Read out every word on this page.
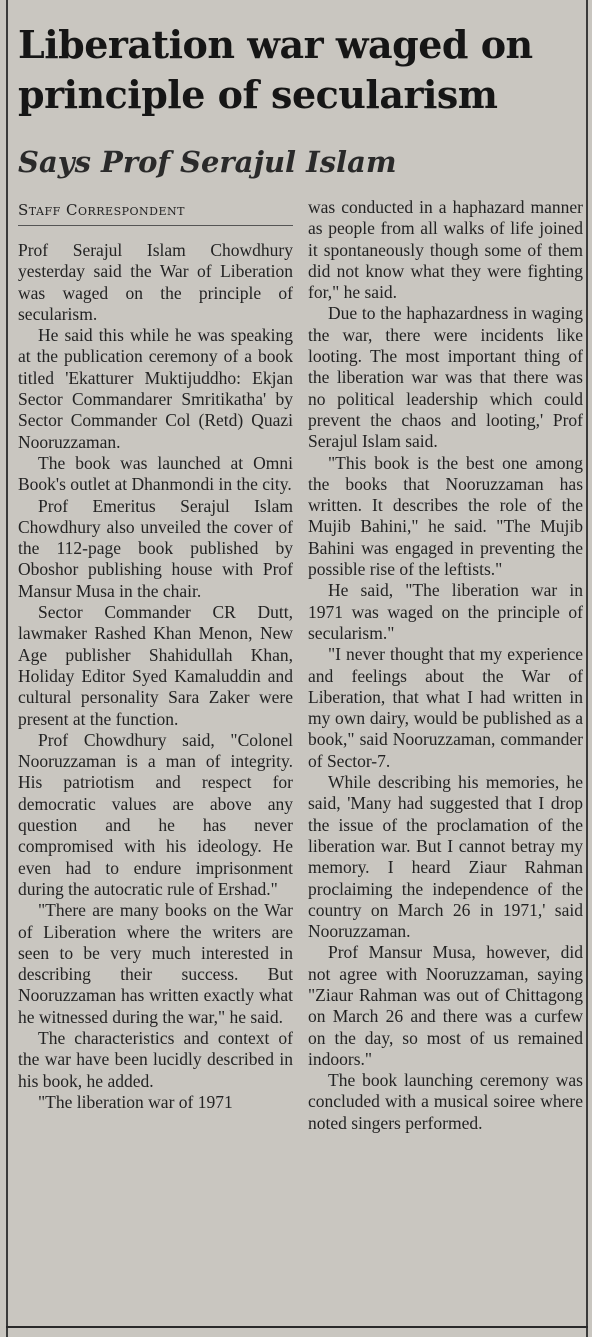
Liberation war waged on
principle of secularism
Says Prof Serajul Islam
Staff Correspondent

Prof Serajul Islam Chowdhury yesterday said the War of Liberation was waged on the principle of secularism.

He said this while he was speaking at the publication ceremony of a book titled 'Ekatturer Muktijuddho: Ekjan Sector Commandarer Smritikatha' by Sector Commander Col (Retd) Quazi Nooruzzaman.

The book was launched at Omni Book's outlet at Dhanmondi in the city.

Prof Emeritus Serajul Islam Chowdhury also unveiled the cover of the 112-page book published by Oboshor publishing house with Prof Mansur Musa in the chair.

Sector Commander CR Dutt, lawmaker Rashed Khan Menon, New Age publisher Shahidullah Khan, Holiday Editor Syed Kamaluddin and cultural personality Sara Zaker were present at the function.

Prof Chowdhury said, "Colonel Nooruzzaman is a man of integrity. His patriotism and respect for democratic values are above any question and he has never compromised with his ideology. He even had to endure imprisonment during the autocratic rule of Ershad."

"There are many books on the War of Liberation where the writers are seen to be very much interested in describing their success. But Nooruzzaman has written exactly what he witnessed during the war," he said.

The characteristics and context of the war have been lucidly described in his book, he added.

"The liberation war of 1971

was conducted in a haphazard manner as people from all walks of life joined it spontaneously though some of them did not know what they were fighting for," he said.

Due to the haphazardness in waging the war, there were incidents like looting. The most important thing of the liberation war was that there was no political leadership which could prevent the chaos and looting,' Prof Serajul Islam said.

"This book is the best one among the books that Nooruzzaman has written. It describes the role of the Mujib Bahini," he said. "The Mujib Bahini was engaged in preventing the possible rise of the leftists."

He said, "The liberation war in 1971 was waged on the principle of secularism."

"I never thought that my experience and feelings about the War of Liberation, that what I had written in my own dairy, would be published as a book," said Nooruzzaman, commander of Sector-7.

While describing his memories, he said, 'Many had suggested that I drop the issue of the proclamation of the liberation war. But I cannot betray my memory. I heard Ziaur Rahman proclaiming the independence of the country on March 26 in 1971,' said Nooruzzaman.

Prof Mansur Musa, however, did not agree with Nooruzzaman, saying "Ziaur Rahman was out of Chittagong on March 26 and there was a curfew on the day, so most of us remained indoors."

The book launching ceremony was concluded with a musical soiree where noted singers performed.
